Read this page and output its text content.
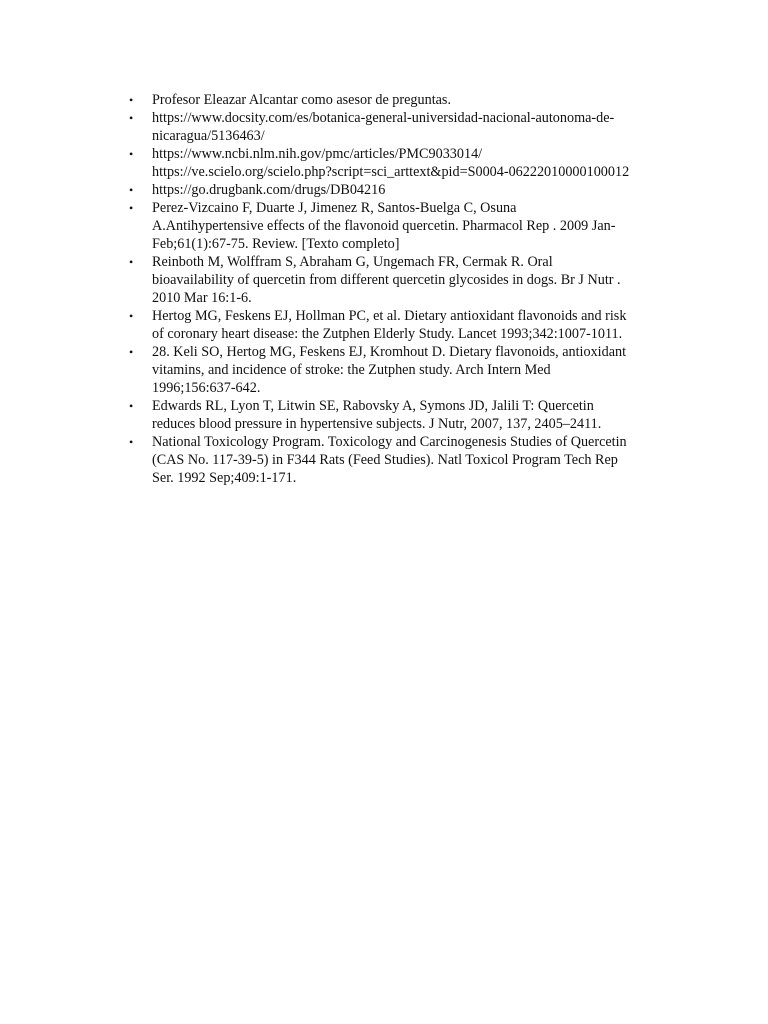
•	Profesor Eleazar Alcantar como asesor de preguntas.
•	https://www.docsity.com/es/botanica-general-universidad-nacional-autonoma-de-
nicaragua/5136463/
•	https://www.ncbi.nlm.nih.gov/pmc/articles/PMC9033014/
https://ve.scielo.org/scielo.php?script=sci_arttext&pid=S0004-06222010000100012
•	https://go.drugbank.com/drugs/DB04216
•	Perez-Vizcaino F, Duarte J, Jimenez R, Santos-Buelga C, Osuna
A.Antihypertensive effects of the flavonoid quercetin. Pharmacol Rep . 2009 Jan-
Feb;61(1):67-75. Review. [Texto completo]
•	Reinboth M, Wolffram S, Abraham G, Ungemach FR, Cermak R. Oral
bioavailability of quercetin from different quercetin glycosides in dogs. Br J Nutr .
2010 Mar 16:1-6.
•	Hertog MG, Feskens EJ, Hollman PC, et al. Dietary antioxidant flavonoids and risk
of coronary heart disease: the Zutphen Elderly Study. Lancet 1993;342:1007-1011.
•	28. Keli SO, Hertog MG, Feskens EJ, Kromhout D. Dietary flavonoids, antioxidant
vitamins, and incidence of stroke: the Zutphen study. Arch Intern Med
1996;156:637-642.
•	Edwards RL, Lyon T, Litwin SE, Rabovsky A, Symons JD, Jalili T: Quercetin
reduces blood pressure in hypertensive subjects. J Nutr, 2007, 137, 2405–2411.
•	National Toxicology Program. Toxicology and Carcinogenesis Studies of Quercetin
(CAS No. 117-39-5) in F344 Rats (Feed Studies). Natl Toxicol Program Tech Rep
Ser. 1992 Sep;409:1-171.
